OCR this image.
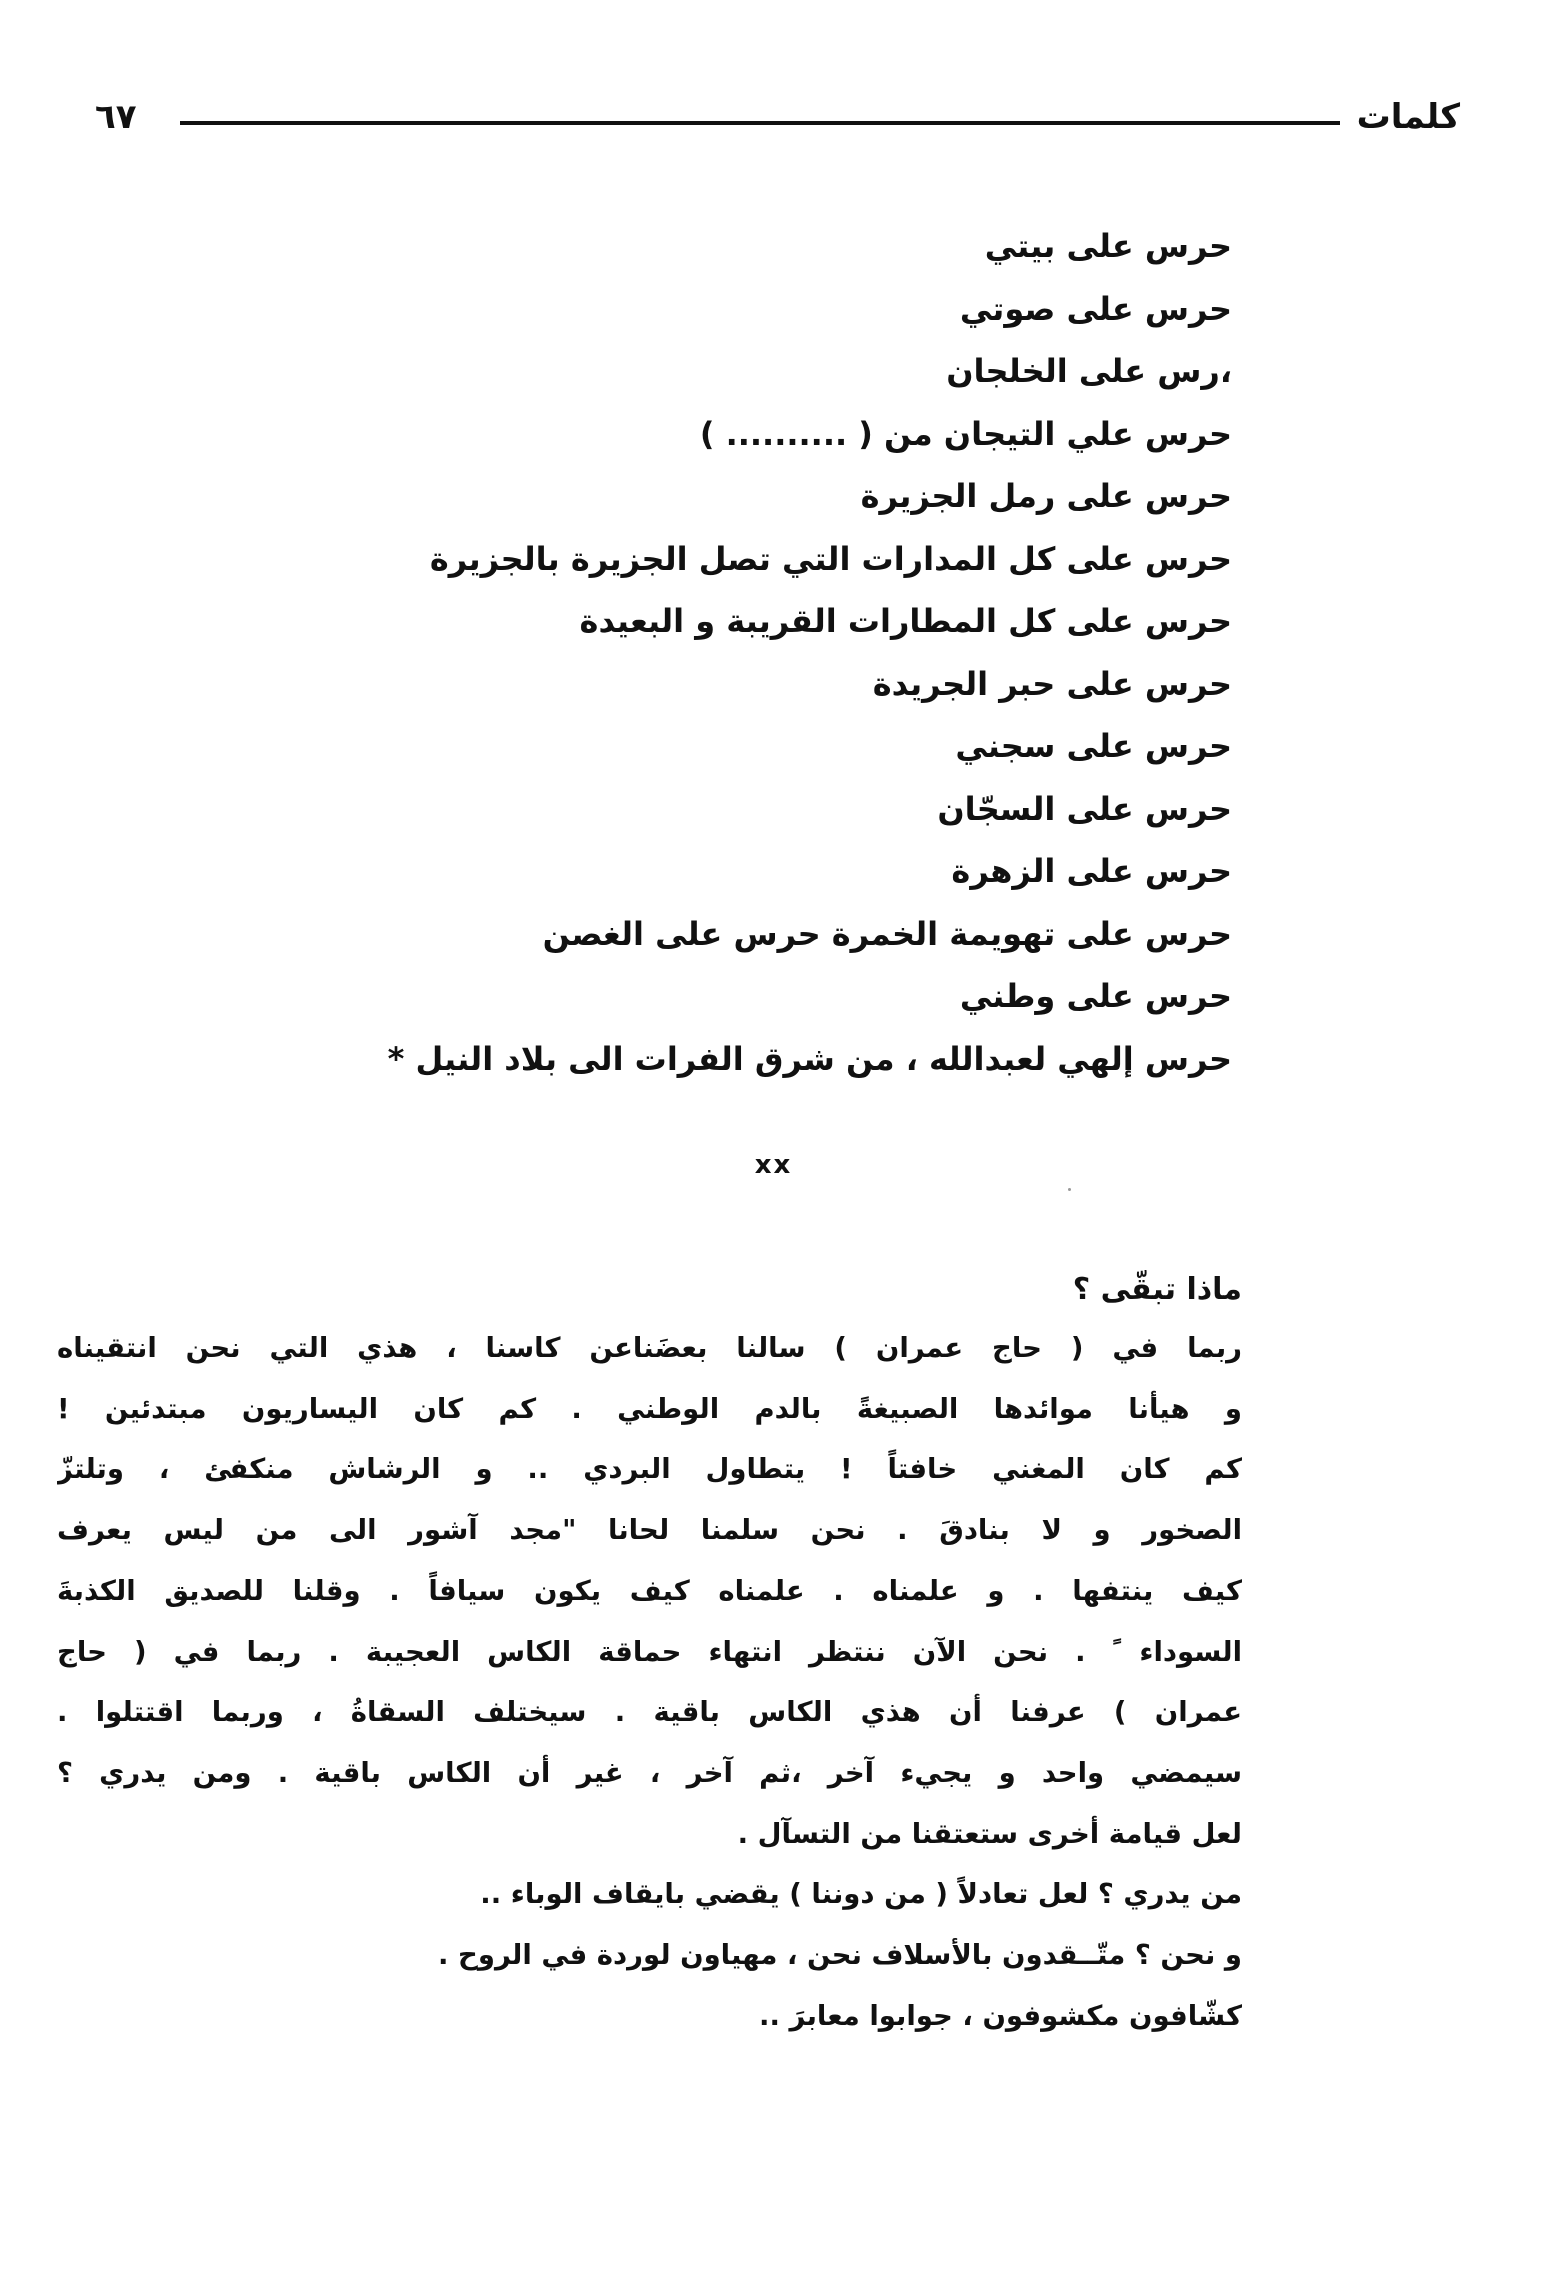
كلمات
٦٧
حرس على بيتي
حرس على صوتي
،رس على الخلجان
حرس علي التيجان من ( .......... )
حرس على رمل الجزيرة
حرس على كل المدارات التي تصل الجزيرة بالجزيرة
حرس على كل المطارات القريبة و البعيدة
حرس على حبر الجريدة
حرس على سجني
حرس على السجّان
حرس على الزهرة
حرس على تهويمة الخمرة حرس على الغصن
حرس على وطني
حرس إلهي لعبدالله ، من شرق الفرات الى بلاد النيل *
xx
ماذا تبقّى ؟
ربما في ( حاج عمران ) سالنا بعضَناعن كاسنا ، هذي التي نحن انتقيناه
و هيأنا موائدها الصبيغةً بالدم الوطني . كم كان اليساريون مبتدئين !
كم كان المغني خافتاً ! يتطاول البردي .. و الرشاش منكفئ ، وتلتزّ
الصخور و لا بنادقَ . نحن سلمنا لحانا "مجد آشور الى من ليس يعرف
كيف ينتفها . و علمناه . علمناه كيف يكون سيافاً . وقلنا للصديق الكذبةَ
السوداء ً . نحن الآن ننتظر انتهاء حماقة الكاس العجيبة . ربما في ( حاج
عمران ) عرفنا أن هذي الكاس باقية . سيختلف السقاةُ ، وربما اقتتلوا .
سيمضي واحد و يجيء آخر ،ثم آخر ، غير أن الكاس باقية . ومن يدري ؟
لعل قيامة أخرى ستعتقنا من التسآل .
من يدري ؟ لعل تعادلاً ( من دوننا ) يقضي بايقاف الوباء ..
و نحن ؟ متّــقدون بالأسلاف نحن ، مهياون لوردة في الروح .
كشّافون مكشوفون ، جوابوا معابرَ ..
